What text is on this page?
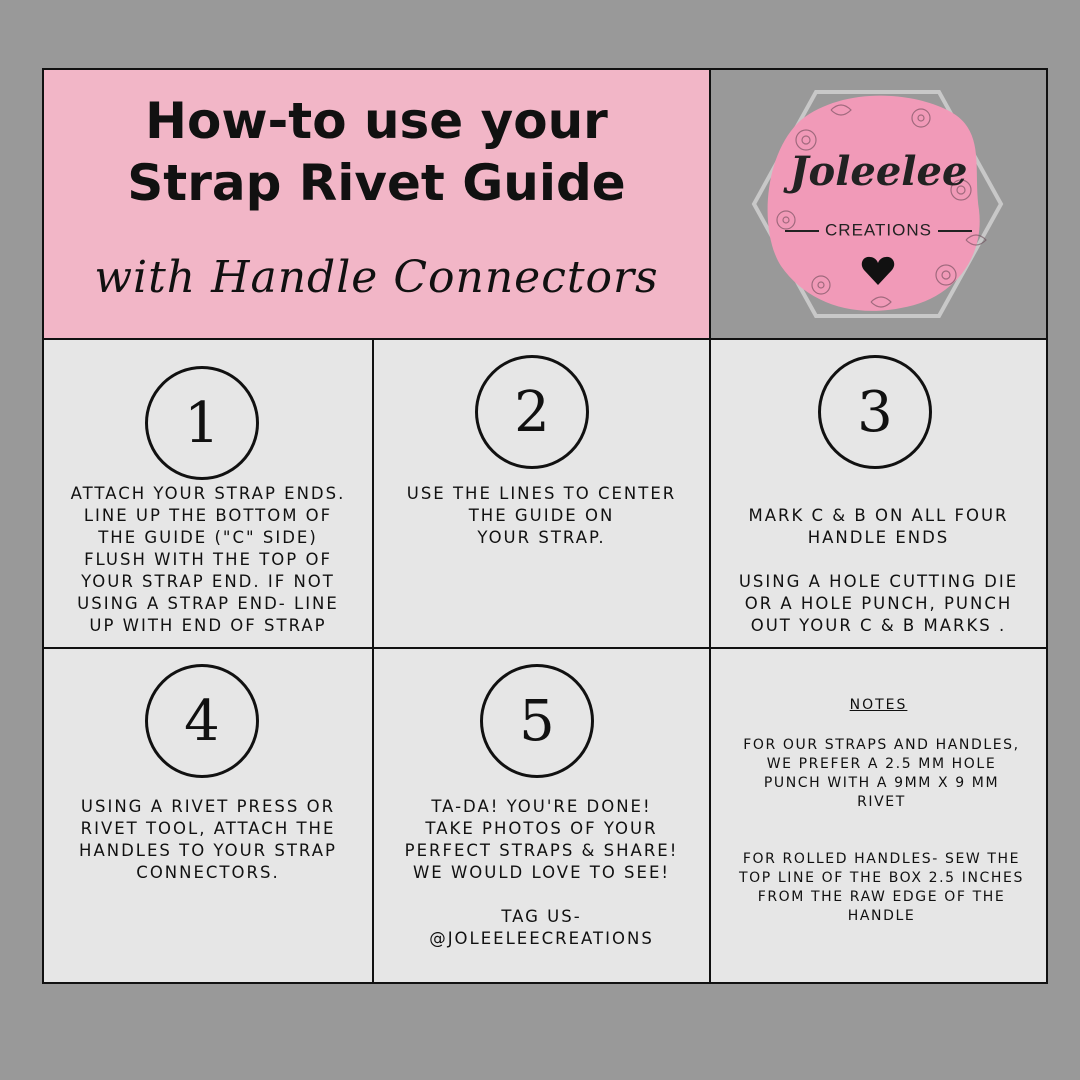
How-to use your
Strap Rivet Guide
with Handle Connectors
Joleelee
CREATIONS
1
ATTACH YOUR STRAP ENDS.
LINE UP THE BOTTOM OF
THE GUIDE ("C" SIDE)
FLUSH WITH THE TOP OF
YOUR STRAP END. IF NOT
USING A STRAP END- LINE
UP WITH END OF STRAP
2
USE THE LINES TO CENTER
THE GUIDE ON
YOUR STRAP.
3
MARK C & B ON ALL FOUR
HANDLE ENDS

USING A HOLE CUTTING DIE
OR A HOLE PUNCH, PUNCH
OUT YOUR C & B MARKS .
4
USING A RIVET PRESS OR
RIVET TOOL, ATTACH THE
HANDLES TO YOUR STRAP
CONNECTORS.
5
TA-DA! YOU'RE DONE!
TAKE PHOTOS OF YOUR
PERFECT STRAPS & SHARE!
WE WOULD LOVE TO SEE!

TAG US-
@JOLEELEECREATIONS
NOTES
FOR OUR STRAPS AND HANDLES,
WE PREFER A 2.5 MM HOLE
PUNCH WITH A 9MM X 9 MM
RIVET
FOR ROLLED HANDLES- SEW THE
TOP LINE OF THE BOX 2.5 INCHES
FROM THE RAW EDGE OF THE
HANDLE
